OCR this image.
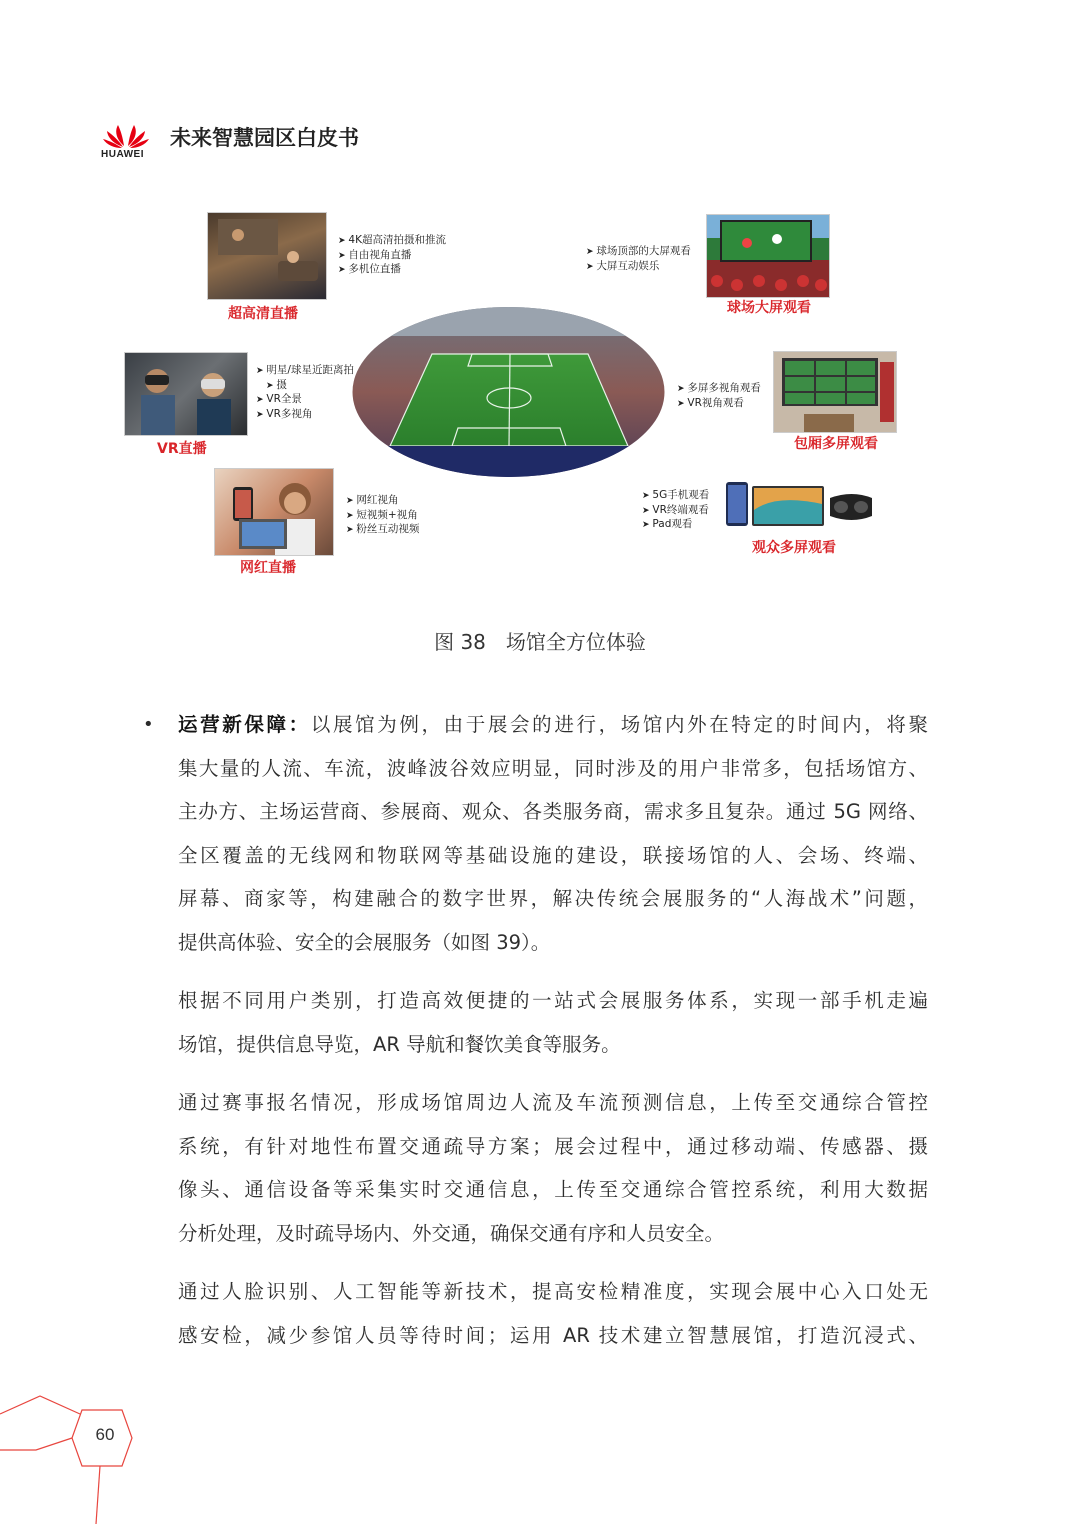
HUAWEI
未来智慧园区白皮书
➤ 4K超高清拍摄和推流
➤ 自由视角直播
➤ 多机位直播
超高清直播
➤ 球场顶部的大屏观看
➤ 大屏互动娱乐
球场大屏观看
➤ 明星/球星近距离拍
➤ 摄
➤ VR全景
➤ VR多视角
VR直播
➤ 多屏多视角观看
➤ VR视角观看
包厢多屏观看
➤ 网红视角
➤ 短视频+视角
➤ 粉丝互动视频
网红直播
➤ 5G手机观看
➤ VR终端观看
➤ Pad观看
观众多屏观看
图 38　场馆全方位体验
• 运营新保障：以展馆为例，由于展会的进行，场馆内外在特定的时间内，将聚
集大量的人流、车流，波峰波谷效应明显，同时涉及的用户非常多，包括场馆方、
主办方、主场运营商、参展商、观众、各类服务商，需求多且复杂。通过 5G 网络、
全区覆盖的无线网和物联网等基础设施的建设，联接场馆的人、会场、终端、
屏幕、商家等，构建融合的数字世界，解决传统会展服务的“人海战术”问题，
提供高体验、安全的会展服务（如图 39）。
根据不同用户类别，打造高效便捷的一站式会展服务体系，实现一部手机走遍
场馆，提供信息导览，AR 导航和餐饮美食等服务。
通过赛事报名情况，形成场馆周边人流及车流预测信息，上传至交通综合管控
系统，有针对地性布置交通疏导方案；展会过程中，通过移动端、传感器、摄
像头、通信设备等采集实时交通信息，上传至交通综合管控系统，利用大数据
分析处理，及时疏导场内、外交通，确保交通有序和人员安全。
通过人脸识别、人工智能等新技术，提高安检精准度，实现会展中心入口处无
感安检，减少参馆人员等待时间；运用 AR 技术建立智慧展馆，打造沉浸式、
60
